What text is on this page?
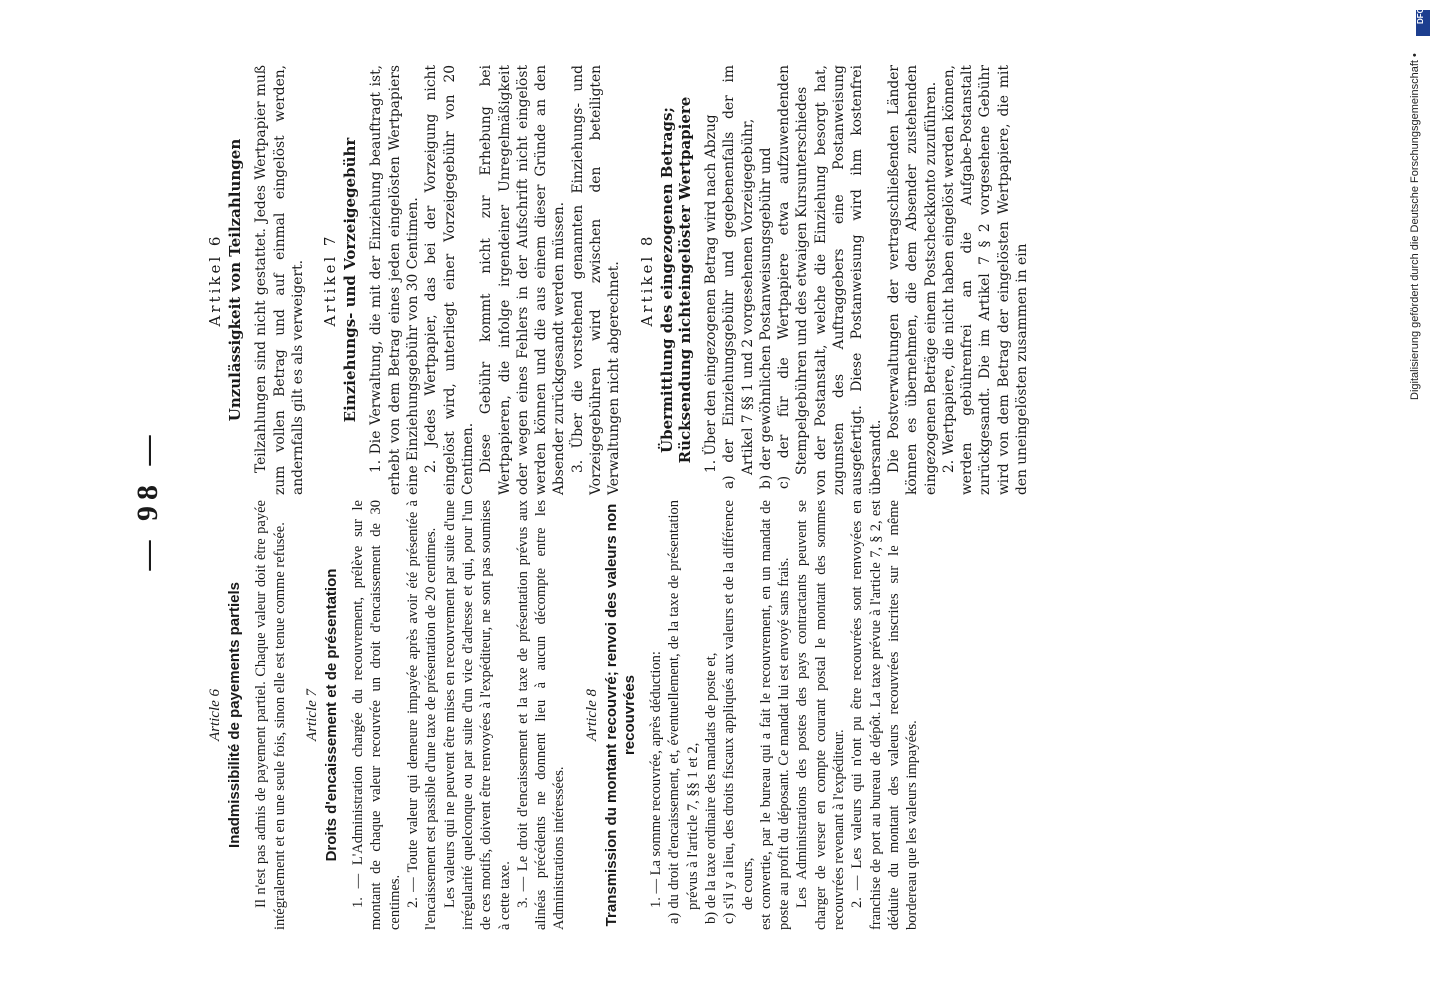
— 98 —
Article 6 Inadmissibilité de payements partiels Il n'est pas admis de payement partiel. Chaque valeur doit être payée intégralement et en une seule fois, sinon elle est tenue comme refusée. Article 7 Droits d'encaissement et de présentation 1. — L'Administration chargée du recouvrement, prélève sur le montant de chaque valeur recouvrée un droit d'encaissement de 30 centimes. 2. — Toute valeur qui demeure impayée après avoir été présentée à l'encaissement est passible d'une taxe de présentation de 20 centimes. Les valeurs qui ne peuvent être mises en recouvrement par suite d'une irrégularité quelconque ou par suite d'un vice d'adresse et qui, pour l'un de ces motifs, doivent être renvoyées à l'expéditeur, ne sont pas soumises à cette taxe. 3. — Le droit d'encaissement et la taxe de présentation prévus aux alinéas précédents ne donnent lieu à aucun décompte entre les Administrations intéressées.

Article 8 Transmission du montant recouvré; renvoi des valeurs non recouvrées 1. — La somme recouvrée, après déduction: a) du droit d'encaissement, et, éventuellement, de la taxe de présentation prévus à l'article 7, §§ 1 et 2, b) de la taxe ordinaire des mandats de poste et, c) s'il y a lieu, des droits fiscaux appliqués aux valeurs et de la différence de cours, est convertie, par le bureau qui a fait le recouvrement, en un mandat de poste au profit du déposant. Ce mandat lui est envoyé sans frais. Les Administrations des postes des pays contractants peuvent se charger de verser en compte courant postal le montant des sommes recouvrées revenant à l'expéditeur. 2. — Les valeurs qui n'ont pu être recouvrées sont renvoyées en franchise de port au bureau de dépôt. La taxe prévue à l'article 7, § 2, est déduite du montant des valeurs recouvrées inscrites sur le même bordereau que les valeurs impayées.

Artikel 6 Unzulässigkeit von Teilzahlungen Teilzahlungen sind nicht gestattet. Jedes Wertpapier muß zum vollen Betrag und auf einmal eingelöst werden, andernfalls gilt es als verweigert. Artikel 7 Einziehungs- und Vorzeigegebühr 1. Die Verwaltung, die mit der Einziehung beauftragt ist, erhebt von dem Betrag eines jeden eingelösten Wertpapiers eine Einziehungsgebühr von 30 Centimen. 2. Jedes Wertpapier, das bei der Vorzeigung nicht eingelöst wird, unterliegt einer Vorzeigegebühr von 20 Centimen. Diese Gebühr kommt nicht zur Erhebung bei Wertpapieren, die infolge irgendeiner Unregelmäßigkeit oder wegen eines Fehlers in der Aufschrift nicht eingelöst werden können und die aus einem dieser Gründe an den Absender zurückgesandt werden müssen. 3. Über die vorstehend genannten Einziehungs- und Vorzeigegebühren wird zwischen den beteiligten Verwaltungen nicht abgerechnet. Artikel 8 Übermittlung des eingezogenen Betrags; Rücksendung nichteingelöster Wertpapiere 1. Über den eingezogenen Betrag wird nach Abzug a) der Einziehungsgebühr und gegebenenfalls der im Artikel 7 §§ 1 und 2 vorgesehenen Vorzeigegebühr, b) der gewöhnlichen Postanweisungsgebühr und c) der für die Wertpapiere etwa aufzuwendenden Stempelgebühren und des etwaigen Kursunterschiedes von der Postanstalt, welche die Einziehung besorgt hat, zugunsten des Auftraggebers eine Postanweisung ausgefertigt. Diese Postanweisung wird ihm kostenfrei übersandt. Die Postverwaltungen der vertragschließenden Länder können es übernehmen, die dem Absender zustehenden eingezogenen Beträge einem Postscheckkonto zuzuführen. 2. Wertpapiere, die nicht haben eingelöst werden können, werden gebührenfrei an die Aufgabe-Postanstalt zurückgesandt. Die im Artikel 7 § 2 vorgesehene Gebühr wird von dem Betrag der eingelösten Wertpapiere, die mit den uneingelösten zusammen in ein	Digitalisierung gefördert durch die Deutsche Forschungsgemeinschaft •
DFG
